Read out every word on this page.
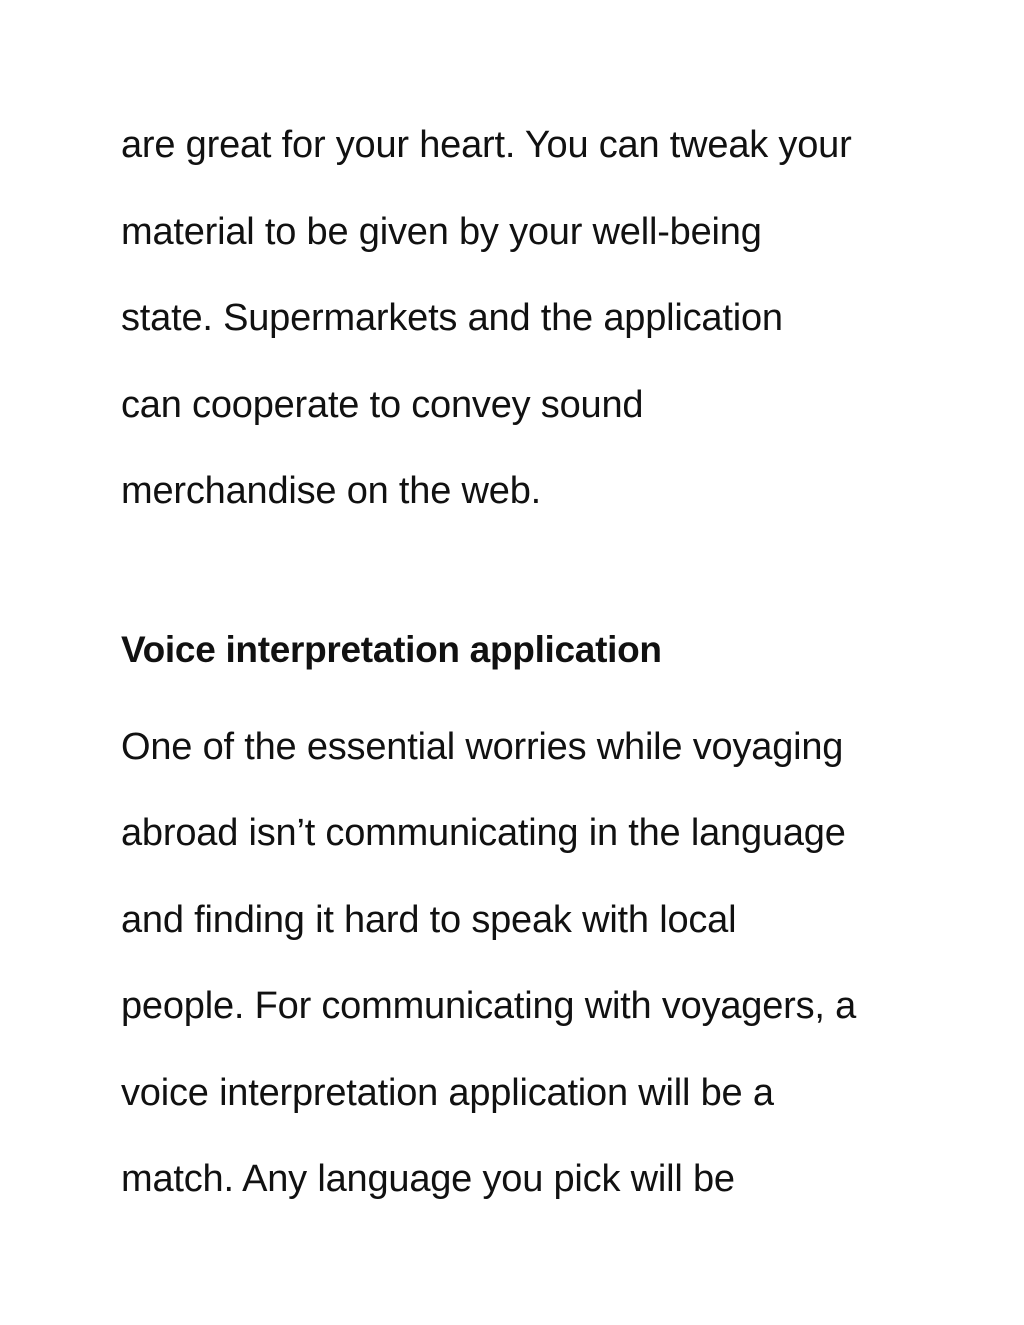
are great for your heart. You can tweak your
material to be given by your well-being
state. Supermarkets and the application
can cooperate to convey sound
merchandise on the web.
Voice interpretation application
One of the essential worries while voyaging
abroad isn’t communicating in the language
and finding it hard to speak with local
people. For communicating with voyagers, a
voice interpretation application will be a
match. Any language you pick will be
